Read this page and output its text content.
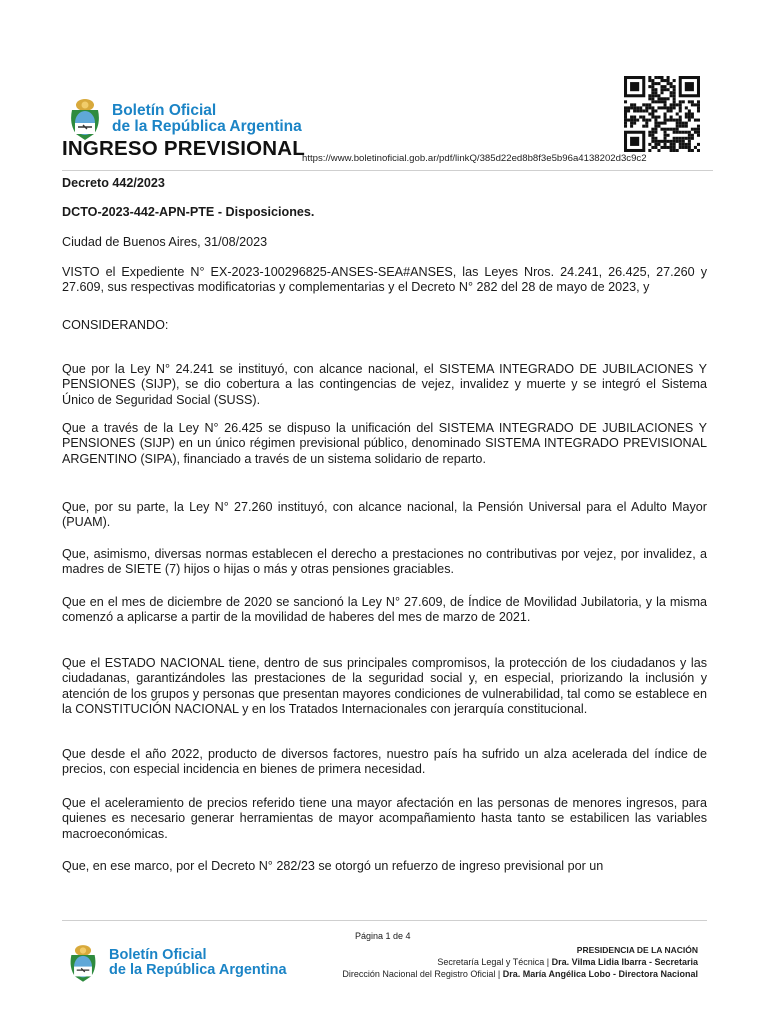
Boletín Oficial
de la República Argentina
INGRESO PREVISIONAL
https://www.boletinoficial.gob.ar/pdf/linkQ/385d22ed8b8f3e5b96a4138202d3c9c2
Decreto 442/2023
DCTO-2023-442-APN-PTE - Disposiciones.
Ciudad de Buenos Aires, 31/08/2023

VISTO el Expediente N° EX-2023-100296825-ANSES-SEA#ANSES, las Leyes Nros. 24.241, 26.425, 27.260 y 27.609, sus respectivas modificatorias y complementarias y el Decreto N° 282 del 28 de mayo de 2023, y

CONSIDERANDO:

Que por la Ley N° 24.241 se instituyó, con alcance nacional, el SISTEMA INTEGRADO DE JUBILACIONES Y PENSIONES (SIJP), se dio cobertura a las contingencias de vejez, invalidez y muerte y se integró el Sistema Único de Seguridad Social (SUSS).

Que a través de la Ley N° 26.425 se dispuso la unificación del SISTEMA INTEGRADO DE JUBILACIONES Y PENSIONES (SIJP) en un único régimen previsional público, denominado SISTEMA INTEGRADO PREVISIONAL ARGENTINO (SIPA), financiado a través de un sistema solidario de reparto.

Que, por su parte, la Ley N° 27.260 instituyó, con alcance nacional, la Pensión Universal para el Adulto Mayor (PUAM).

Que, asimismo, diversas normas establecen el derecho a prestaciones no contributivas por vejez, por invalidez, a madres de SIETE (7) hijos o hijas o más y otras pensiones graciables.

Que en el mes de diciembre de 2020 se sancionó la Ley N° 27.609, de Índice de Movilidad Jubilatoria, y la misma comenzó a aplicarse a partir de la movilidad de haberes del mes de marzo de 2021.

Que el ESTADO NACIONAL tiene, dentro de sus principales compromisos, la protección de los ciudadanos y las ciudadanas, garantizándoles las prestaciones de la seguridad social y, en especial, priorizando la inclusión y atención de los grupos y personas que presentan mayores condiciones de vulnerabilidad, tal como se establece en la CONSTITUCIÓN NACIONAL y en los Tratados Internacionales con jerarquía constitucional.

Que desde el año 2022, producto de diversos factores, nuestro país ha sufrido un alza acelerada del índice de precios, con especial incidencia en bienes de primera necesidad.

Que el aceleramiento de precios referido tiene una mayor afectación en las personas de menores ingresos, para quienes es necesario generar herramientas de mayor acompañamiento hasta tanto se estabilicen las variables macroeconómicas.

Que, en ese marco, por el Decreto N° 282/23 se otorgó un refuerzo de ingreso previsional por un

Página 1 de 4
Boletín Oficial
de la República Argentina
PRESIDENCIA DE LA NACIÓN
Secretaría Legal y Técnica | Dra. Vilma Lidia Ibarra - Secretaria
Dirección Nacional del Registro Oficial | Dra. María Angélica Lobo - Directora Nacional
